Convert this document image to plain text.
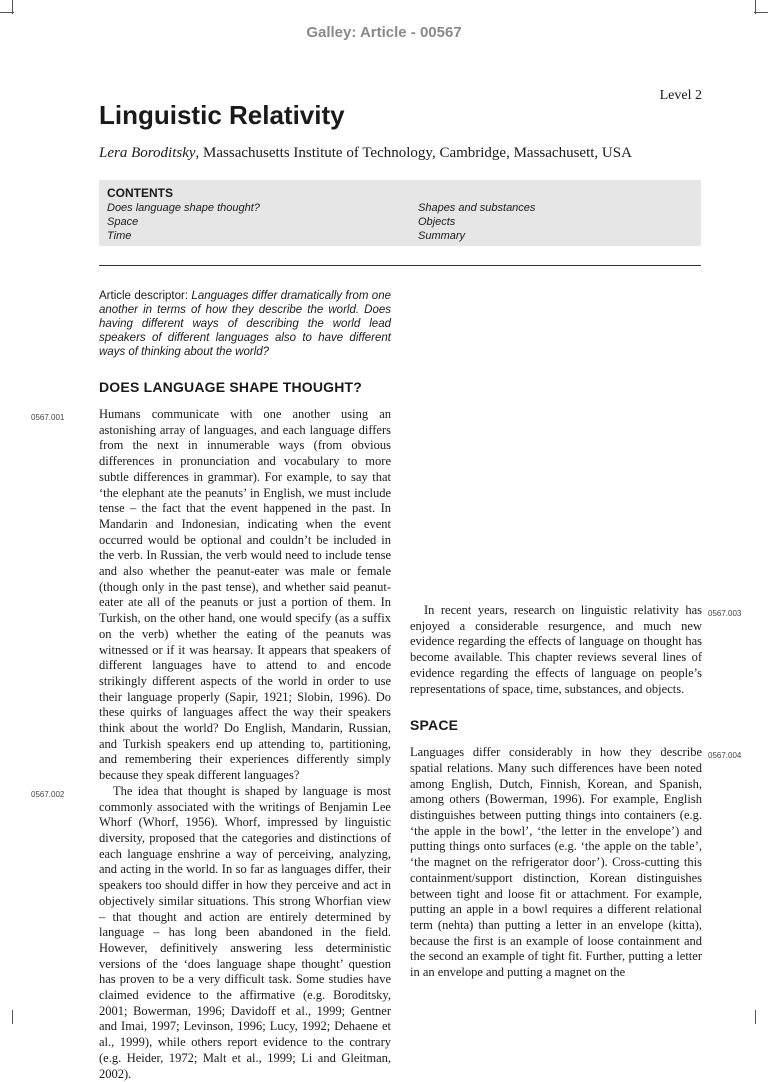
Galley: Article - 00567
Level 2
Linguistic Relativity
Lera Boroditsky, Massachusetts Institute of Technology, Cambridge, Massachusett, USA
CONTENTS
Does language shape thought?
Space
Time
Shapes and substances
Objects
Summary

Article descriptor: Languages differ dramatically from one another in terms of how they describe the world. Does having different ways of describing the world lead speakers of different languages also to have different ways of thinking about the world?

DOES LANGUAGE SHAPE THOUGHT?

0567.001	Humans communicate with one another using an astonishing array of languages, and each language differs from the next in innumerable ways (from obvious differences in pronunciation and vocabulary to more subtle differences in grammar). For example, to say that ‘the elephant ate the peanuts’ in English, we must include tense – the fact that the event happened in the past. In Mandarin and Indonesian, indicating when the event occurred would be optional and couldn’t be included in the verb. In Russian, the verb would need to include tense and also whether the peanut-eater was male or female (though only in the past tense), and whether said peanut-eater ate all of the peanuts or just a portion of them. In Turkish, on the other hand, one would specify (as a suffix on the verb) whether the eating of the peanuts was witnessed or if it was hearsay. It appears that speakers of different languages have to attend to and encode strikingly different aspects of the world in order to use their language properly (Sapir, 1921; Slobin, 1996). Do these quirks of languages affect the way their speakers think about the world? Do English, Mandarin, Russian, and Turkish speakers end up attending to, partitioning, and remembering their experiences differently simply because they speak different languages?

0567.002	The idea that thought is shaped by language is most commonly associated with the writings of Benjamin Lee Whorf (Whorf, 1956). Whorf, impressed by linguistic diversity, proposed that the categories and distinctions of each language enshrine a way of perceiving, analyzing, and acting in the world. In so far as languages differ, their speakers too should differ in how they perceive and act in objectively similar situations. This strong Whorfian view – that thought and action are entirely determined by language – has long been abandoned in the field. However, definitively answering less deterministic versions of the ‘does language shape thought’ question has proven to be a very difficult task. Some studies have claimed evidence to the affirmative (e.g. Boroditsky, 2001; Bowerman, 1996; Davidoff et al., 1999; Gentner and Imai, 1997; Levinson, 1996; Lucy, 1992; Dehaene et al., 1999), while others report evidence to the contrary (e.g. Heider, 1972; Malt et al., 1999; Li and Gleitman, 2002).

0567.003
In recent years, research on linguistic relativity has enjoyed a considerable resurgence, and much new evidence regarding the effects of language on thought has become available. This chapter reviews several lines of evidence regarding the effects of language on people’s representations of space, time, substances, and objects.

SPACE

0567.004
Languages differ considerably in how they describe spatial relations. Many such differences have been noted among English, Dutch, Finnish, Korean, and Spanish, among others (Bowerman, 1996). For example, English distinguishes between putting things into containers (e.g. ‘the apple in the bowl’, ‘the letter in the envelope’) and putting things onto surfaces (e.g. ‘the apple on the table’, ‘the magnet on the refrigerator door’). Cross-cutting this containment/support distinction, Korean distinguishes between tight and loose fit or attachment. For example, putting an apple in a bowl requires a different relational term (nehta) than putting a letter in an envelope (kitta), because the first is an example of loose containment and the second an example of tight fit. Further, putting a letter in an envelope and putting a magnet on the
